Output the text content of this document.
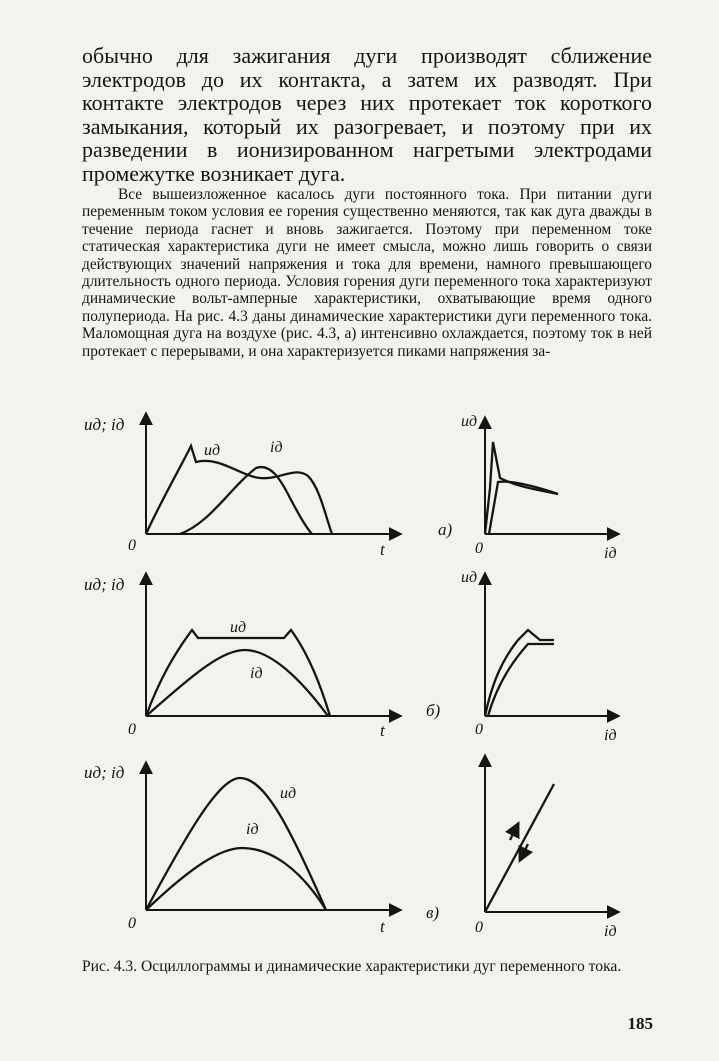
обычно для зажигания дуги производят сближение электродов до их контакта, а затем их разводят. При контакте электродов через них протекает ток короткого замыкания, который их разогревает, и поэтому при их разведении в ионизированном нагретыми электродами промежутке возникает дуга.

Все вышеизложенное касалось дуги постоянного тока. При питании дуги переменным током условия ее горения существенно меняются, так как дуга дважды в течение периода гаснет и вновь зажигается. Поэтому при переменном токе статическая характеристика дуги не имеет смысла, можно лишь говорить о связи действующих значений напряжения и тока для времени, намного превышающего длительность одного периода. Условия горения дуги переменного тока характеризуют динамические вольт-амперные характеристики, охватывающие время одного полупериода. На рис. 4.3 даны динамические характеристики дуги переменного тока. Маломощная дуга на воздухе (рис. 4.3, а) интенсивно охлаждается, поэтому ток в ней протекает с перерывами, и она характеризуется пиками напряжения за-

uд; iд
0	t
uд	iд
а)
uд
0	iд
uд; iд
0	t
uд
iд
б)
uд
0	iд
uд; iд
0	t
uд
iд
в)
0	iд

Рис. 4.3. Осциллограммы и динамические характеристики дуг переменного тока.

185
